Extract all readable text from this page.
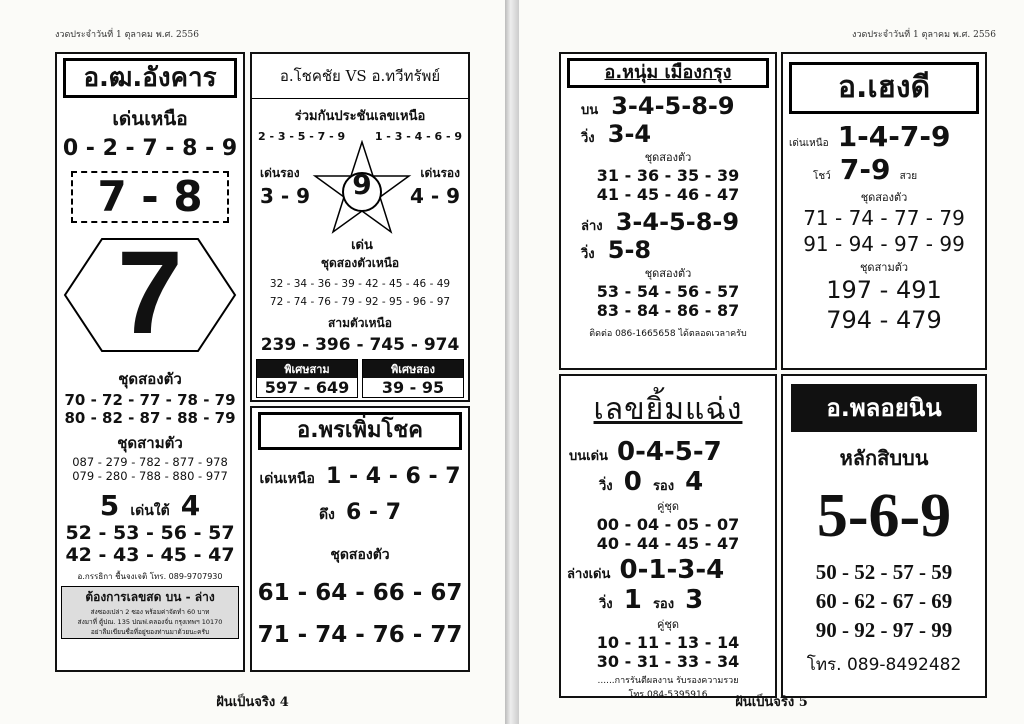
งวดประจำวันที่ 1 ตุลาคม พ.ศ. 2556
อ.ฒ.อังคาร
เด่นเหนือ
0 - 2 - 7 - 8 - 9
7 - 8
7
ชุดสองตัว
70 - 72 - 77 - 78 - 79
80 - 82 - 87 - 88 - 79
ชุดสามตัว
087 - 279 - 782 - 877 - 978
079 - 280 - 788 - 880 - 977
5 เด่นใต้ 4
52 - 53 - 56 - 57
42 - 43 - 45 - 47
อ.กรรธิกา ชื้นจงเจติ โทร. 089-9707930
ต้องการเลขสด บน - ล่าง
ส่งซองเปล่า 2 ซอง พร้อมค่าจัดทำ 60 บาท
ส่งมาที่ ตู้ปณ. 135 ปณฟ.คลองจั่น กรุงเทพฯ 10170
อย่าลืมเขียนชื่อที่อยู่ของท่านมาด้วยนะครับ
อ.โชคชัย VS อ.ทวีทรัพย์
ร่วมกันประชันเลขเหนือ
2 - 3 - 5 - 7 - 9	1 - 3 - 4 - 6 - 9
9
เด่น
เด่นรอง	เด่นรอง
3 - 9	4 - 9
ชุดสองตัวเหนือ
32 - 34 - 36 - 39 - 42 - 45 - 46 - 49
72 - 74 - 76 - 79 - 92 - 95 - 96 - 97
สามตัวเหนือ
239 - 396 - 745 - 974
พิเศษสาม
597 - 649
พิเศษสอง
39 - 95
อ.พรเพิ่มโชค
เด่นเหนือ 1 - 4 - 6 - 7
ดึง 6 - 7
ชุดสองตัว
61 - 64 - 66 - 67
71 - 74 - 76 - 77
ฝันเป็นจริง 4
งวดประจำวันที่ 1 ตุลาคม พ.ศ. 2556
อ.หนุ่ม เมืองกรุง
บน 3-4-5-8-9
วิ่ง 3-4
ชุดสองตัว
31 - 36 - 35 - 39
41 - 45 - 46 - 47
ล่าง 3-4-5-8-9
วิ่ง 5-8
ชุดสองตัว
53 - 54 - 56 - 57
83 - 84 - 86 - 87
ติดต่อ 086-1665658 ได้ตลอดเวลาครับ
อ.เฮงดี
เด่นเหนือ 1-4-7-9
โชว์ 7-9 สวย
ชุดสองตัว
71 - 74 - 77 - 79
91 - 94 - 97 - 99
ชุดสามตัว
197 - 491
794 - 479
เลขยิ้มแฉ่ง
บนเด่น 0-4-5-7
วิ่ง 0 รอง 4
คู่ชุด
00 - 04 - 05 - 07
40 - 44 - 45 - 47
ล่างเด่น 0-1-3-4
วิ่ง 1 รอง 3
คู่ชุด
10 - 11 - 13 - 14
30 - 31 - 33 - 34
......การรันตีผลงาน รับรองความรวย
โทร.084-5395916
อ.พลอยนิน
หลักสิบบน
5-6-9
50 - 52 - 57 - 59
60 - 62 - 67 - 69
90 - 92 - 97 - 99
โทร. 089-8492482
ฝันเป็นจริง 5
